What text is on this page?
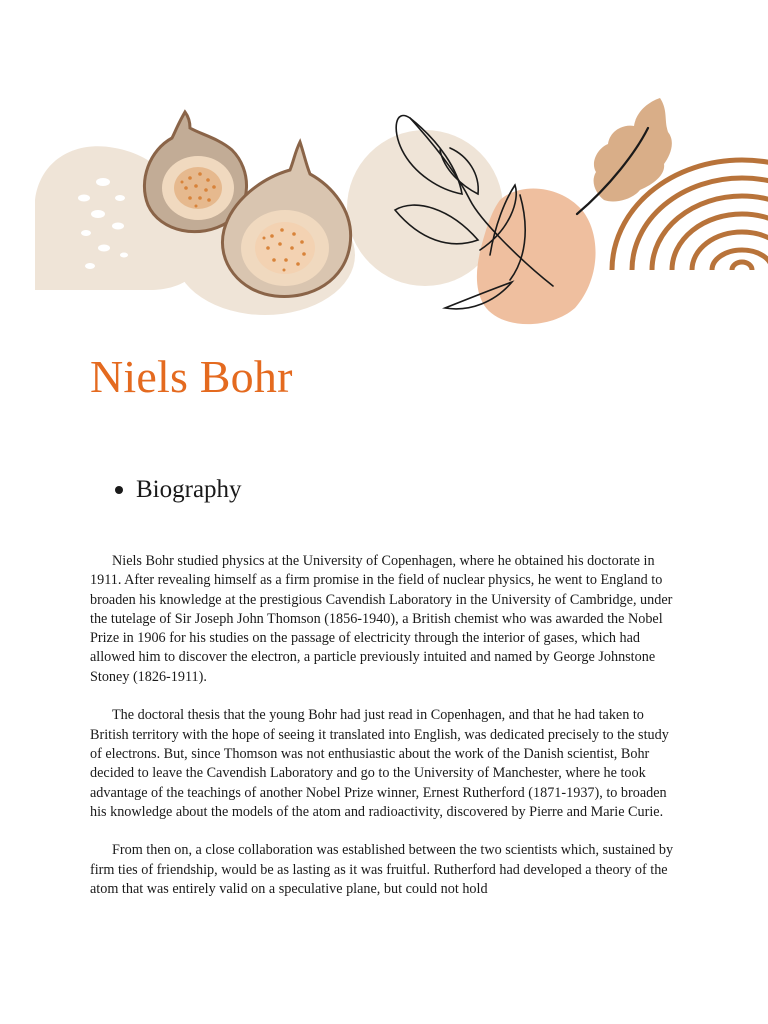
Niels Bohr
Biography

Niels Bohr studied physics at the University of Copenhagen, where he obtained his doctorate in 1911. After revealing himself as a firm promise in the field of nuclear physics, he went to England to broaden his knowledge at the prestigious Cavendish Laboratory in the University of Cambridge, under the tutelage of Sir Joseph John Thomson (1856-1940), a British chemist who was awarded the Nobel Prize in 1906 for his studies on the passage of electricity through the interior of gases, which had allowed him to discover the electron, a particle previously intuited and named by George Johnstone Stoney (1826-1911).

The doctoral thesis that the young Bohr had just read in Copenhagen, and that he had taken to British territory with the hope of seeing it translated into English, was dedicated precisely to the study of electrons. But, since Thomson was not enthusiastic about the work of the Danish scientist, Bohr decided to leave the Cavendish Laboratory and go to the University of Manchester, where he took advantage of the teachings of another Nobel Prize winner, Ernest Rutherford (1871-1937), to broaden his knowledge about the models of the atom and radioactivity, discovered by Pierre and Marie Curie.

From then on, a close collaboration was established between the two scientists which, sustained by firm ties of friendship, would be as lasting as it was fruitful. Rutherford had developed a theory of the atom that was entirely valid on a speculative plane, but could not hold
